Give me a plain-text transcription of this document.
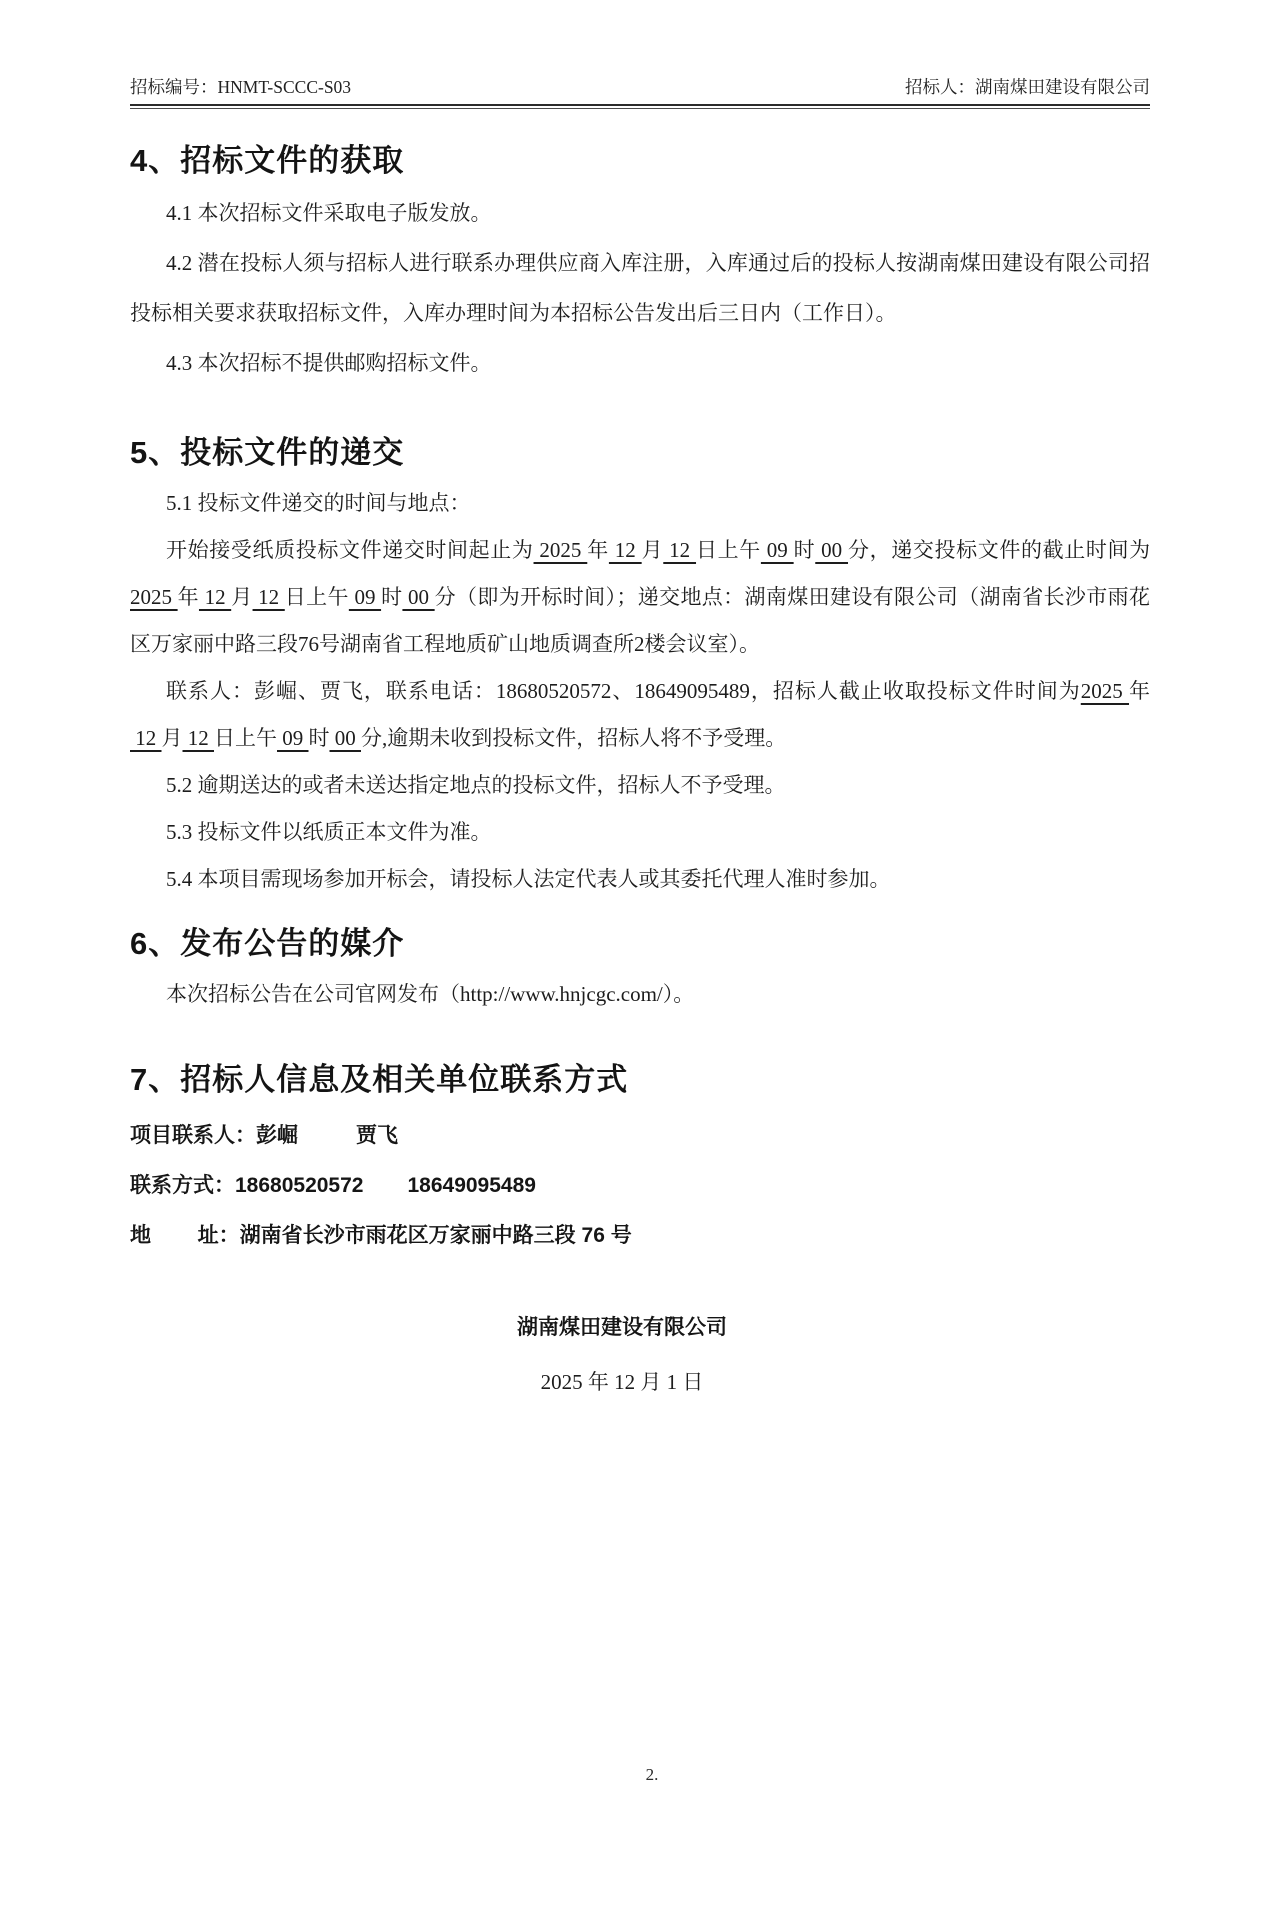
招标编号：HNMT-SCCC-S03	招标人：湖南煤田建设有限公司
4、招标文件的获取
4.1 本次招标文件采取电子版发放。
4.2 潜在投标人须与招标人进行联系办理供应商入库注册，入库通过后的投标人按湖南煤田建设有限公司招投标相关要求获取招标文件，入库办理时间为本招标公告发出后三日内（工作日）。
4.3 本次招标不提供邮购招标文件。
5、投标文件的递交
5.1 投标文件递交的时间与地点：
开始接受纸质投标文件递交时间起止为 2025 年 12 月 12 日上午 09 时 00 分，递交投标文件的截止时间为2025 年 12 月 12 日上午 09 时 00 分（即为开标时间）；递交地点：湖南煤田建设有限公司（湖南省长沙市雨花区万家丽中路三段76号湖南省工程地质矿山地质调查所2楼会议室）。
联系人：彭崛、贾飞，联系电话：18680520572、18649095489，招标人截止收取投标文件时间为2025 年 12 月 12 日上午 09 时 00 分,逾期未收到投标文件，招标人将不予受理。
5.2 逾期送达的或者未送达指定地点的投标文件，招标人不予受理。
5.3 投标文件以纸质正本文件为准。
5.4 本项目需现场参加开标会，请投标人法定代表人或其委托代理人准时参加。
6、发布公告的媒介
本次招标公告在公司官网发布（http://www.hnjcgc.com/）。
7、招标人信息及相关单位联系方式
项目联系人：彭崛	贾飞
联系方式：18680520572 18649095489
地        址：湖南省长沙市雨花区万家丽中路三段 76 号
湖南煤田建设有限公司
2025 年 12 月 1 日
2.
